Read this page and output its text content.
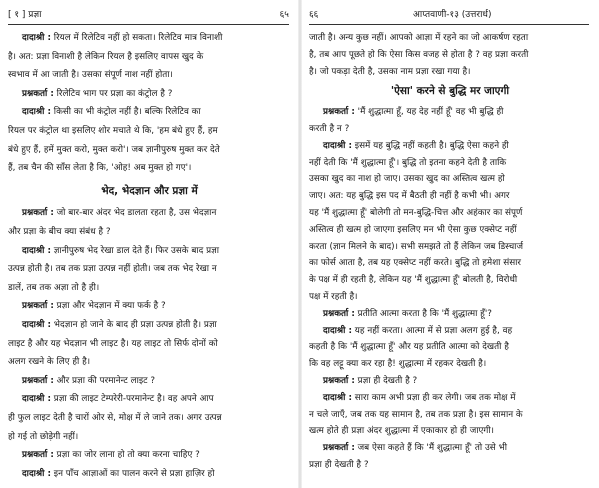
[ १ ] प्रज्ञा	६५
दादाश्री : रियल में रिलेटिव नहीं हो सकता। रिलेटिव मात्र विनाशी
है। अत: प्रज्ञा विनाशी है लेकिन रियल है इसलिए वापस खुद के
स्वभाव में आ जाती है। उसका संपूर्ण नाश नहीं होता।
प्रश्नकर्ता : रिलेटिव भाग पर प्रज्ञा का कंट्रोल है ?
दादाश्री : किसी का भी कंट्रोल नहीं है। बल्कि रिलेटिव का
रियल पर कंट्रोल था इसलिए शोर मचाते थे कि, 'हम बंधे हुए हैं, हम
बंधे हुए हैं, हमें मुक्त करो, मुक्त करो'। जब ज्ञानीपुरुष मुक्त कर देते
हैं, तब चैन की साँस लेता है कि, 'ओह! अब मुक्त हो गए'।
भेद, भेदज्ञान और प्रज्ञा में
प्रश्नकर्ता : जो बार-बार अंदर भेद डालता रहता है, उस भेदज्ञान
और प्रज्ञा के बीच क्या संबंध है ?
दादाश्री : ज्ञानीपुरुष भेद रेखा डाल देते हैं। फिर उसके बाद प्रज्ञा
उत्पन्न होती है। तब तक प्रज्ञा उत्पन्न नहीं होती। जब तक भेद रेखा न
डालें, तब तक अज्ञा तो है ही।
प्रश्नकर्ता : प्रज्ञा और भेदज्ञान में क्या फर्क है ?
दादाश्री : भेदज्ञान हो जाने के बाद ही प्रज्ञा उत्पन्न होती है। प्रज्ञा
लाइट है और यह भेदज्ञान भी लाइट है। यह लाइट तो सिर्फ दोनों को
अलग रखने के लिए ही है।
प्रश्नकर्ता : और प्रज्ञा की परमानेन्ट लाइट ?
दादाश्री : प्रज्ञा की लाइट टेम्परेरी-परमानेन्ट है। वह अपने आप
ही फुल लाइट देती है चारों ओर से, मोक्ष में ले जाने तक। अगर उत्पन्न
हो गई तो छोड़ेगी नहीं।
प्रश्नकर्ता : प्रज्ञा का जोर लाना हो तो क्या करना चाहिए ?
दादाश्री : इन पाँच आज्ञाओं का पालन करने से प्रज्ञा हाज़िर हो
६६	आप्तवाणी-१३ (उत्तरार्ध)
जाती है। अन्य कुछ नहीं। आपको आज्ञा में रहने का जो आकर्षण रहता
है, तब आप पूछते हो कि ऐसा किस वजह से होता है ? वह प्रज्ञा करती
है। जो पकड़ा देती है, उसका नाम प्रज्ञा रखा गया है।
'ऐसा' करने से बुद्धि मर जाएगी
प्रश्नकर्ता : 'मैं शुद्धात्मा हूँ, यह देह नहीं हूँ' वह भी बुद्धि ही
करती है न ?
दादाश्री : इसमें यह बुद्धि नहीं कहती है। बुद्धि ऐसा कहने ही
नहीं देती कि 'मैं शुद्धात्मा हूँ'। बुद्धि तो इतना कहने देती है ताकि
उसका खुद का नाश हो जाए। उसका खुद का अस्तित्व खत्म हो
जाए। अत: यह बुद्धि इस पद में बैठती ही नहीं है कभी भी। अगर
यह 'मैं शुद्धात्मा हूँ' बोलेगी तो मन-बुद्धि-चित्त और अहंकार का संपूर्ण
अस्तित्व ही खत्म हो जाएगा इसलिए मन भी ऐसा कुछ एक्सेप्ट नहीं
करता (ज्ञान मिलने के बाद)। सभी समझते तो हैं लेकिन जब डिस्चार्ज
का फोर्स आता है, तब यह एक्सेप्ट नहीं करते। बुद्धि तो हमेशा संसार
के पक्ष में ही रहती है, लेकिन यह 'मैं शुद्धात्मा हूँ' बोलती है, विरोधी
पक्ष में रहती है।
प्रश्नकर्ता : प्रतीति आत्मा करता है कि 'मैं शुद्धात्मा हूँ'?
दादाश्री : यह नहीं करता। आत्मा में से प्रज्ञा अलग हुई है, वह
कहती है कि 'मैं शुद्धात्मा हूँ' और यह प्रतीति आत्मा को देखती है
कि वह लट्टू क्या कर रहा है! शुद्धात्मा में रहकर देखती है।
प्रश्नकर्ता : प्रज्ञा ही देखती है ?
दादाश्री : सारा काम अभी प्रज्ञा ही कर लेगी। जब तक मोक्ष में
न चले जाएँ, जब तक यह सामान है, तब तक प्रज्ञा है। इस सामान के
खत्म होते ही प्रज्ञा अंदर शुद्धात्मा में एकाकार हो ही जाएगी।
प्रश्नकर्ता : जब ऐसा कहते हैं कि 'मैं शुद्धात्मा हूँ' तो उसे भी
प्रज्ञा ही देखती है ?
